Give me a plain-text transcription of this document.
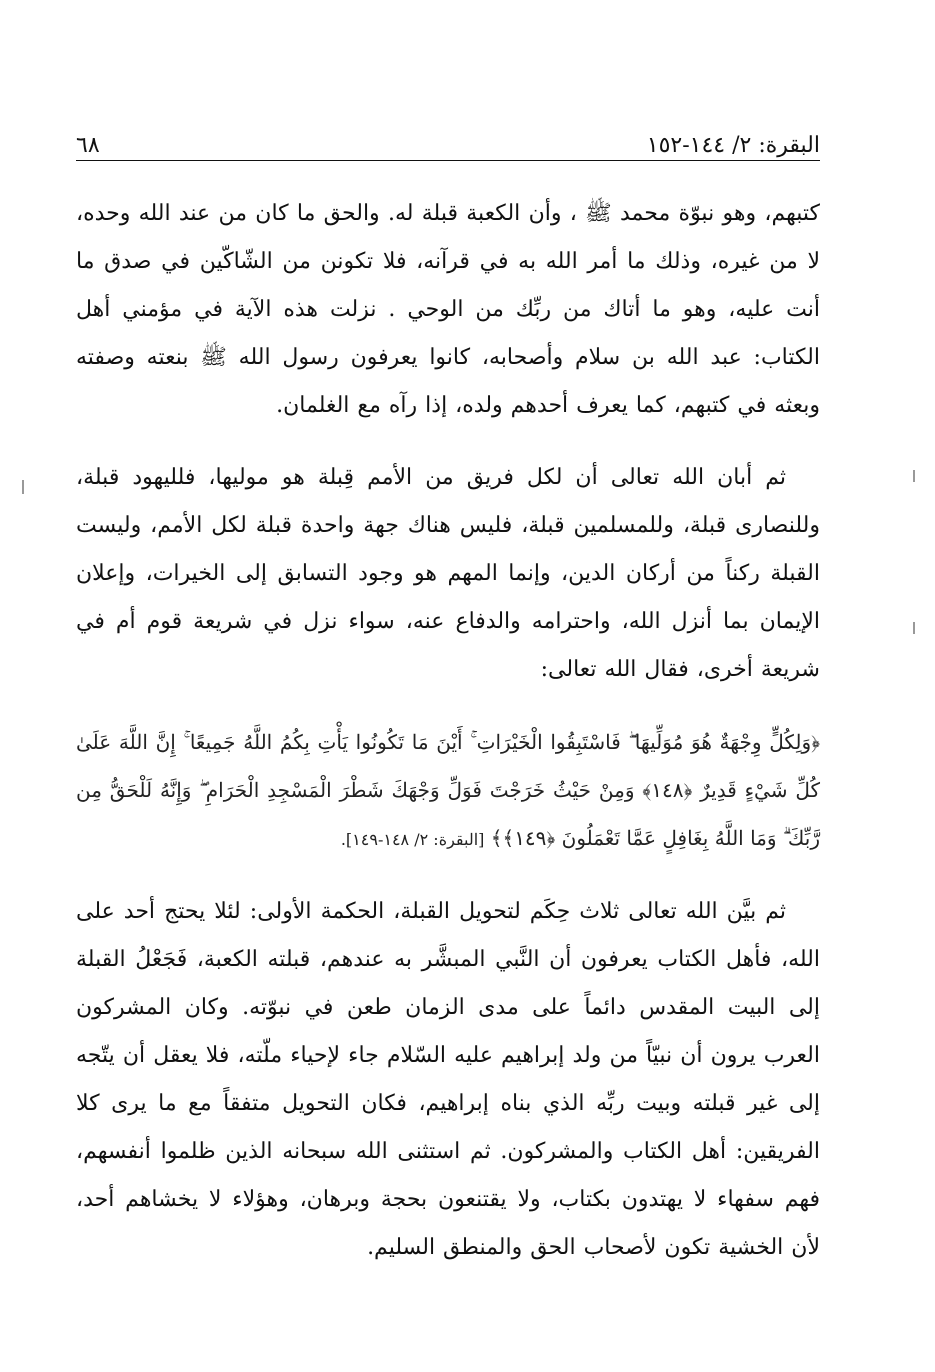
البقرة: ٢/ ١٤٤-١٥٢
٦٨

كتبهم، وهو نبوّة محمد ﷺ ، وأن الكعبة قبلة له. والحق ما كان من عند الله وحده، لا من غيره، وذلك ما أمر الله به في قرآنه، فلا تكونن من الشّاكّين في صدق ما أنت عليه، وهو ما أتاك من ربِّك من الوحي . نزلت هذه الآية في مؤمني أهل الكتاب: عبد الله بن سلام وأصحابه، كانوا يعرفون رسول الله ﷺ بنعته وصفته وبعثه في كتبهم، كما يعرف أحدهم ولده، إذا رآه مع الغلمان.

ثم أبان الله تعالى أن لكل فريق من الأمم قِبلة هو موليها، فلليهود قبلة، وللنصارى قبلة، وللمسلمين قبلة، فليس هناك جهة واحدة قبلة لكل الأمم، وليست القبلة ركناً من أركان الدين، وإنما المهم هو وجود التسابق إلى الخيرات، وإعلان الإيمان بما أنزل الله، واحترامه والدفاع عنه، سواء نزل في شريعة قوم أم في شريعة أخرى، فقال الله تعالى:

﴿وَلِكُلٍّ وِجْهَةٌ هُوَ مُوَلِّيهَا ۖ فَاسْتَبِقُوا الْخَيْرَاتِ ۚ أَيْنَ مَا تَكُونُوا يَأْتِ بِكُمُ اللَّهُ جَمِيعًا ۚ إِنَّ اللَّهَ عَلَىٰ كُلِّ شَيْءٍ قَدِيرٌ ﴿١٤٨﴾ وَمِنْ حَيْثُ خَرَجْتَ فَوَلِّ وَجْهَكَ شَطْرَ الْمَسْجِدِ الْحَرَامِ ۖ وَإِنَّهُ لَلْحَقُّ مِن رَّبِّكَ ۗ وَمَا اللَّهُ بِغَافِلٍ عَمَّا تَعْمَلُونَ ﴿١٤٩﴾﴾ [البقرة: ٢/ ١٤٨-١٤٩].

ثم بيَّن الله تعالى ثلاث حِكَم لتحويل القبلة، الحكمة الأولى: لئلا يحتج أحد على الله، فأهل الكتاب يعرفون أن النَّبي المبشَّر به عندهم، قبلته الكعبة، فَجَعْلُ القبلة إلى البيت المقدس دائماً على مدى الزمان طعن في نبوّته. وكان المشركون العرب يرون أن نبيّاً من ولد إبراهيم عليه السّلام جاء لإحياء ملّته، فلا يعقل أن يتّجه إلى غير قبلته وبيت ربِّه الذي بناه إبراهيم، فكان التحويل متفقاً مع ما يرى كلا الفريقين: أهل الكتاب والمشركون. ثم استثنى الله سبحانه الذين ظلموا أنفسهم، فهم سفهاء لا يهتدون بكتاب، ولا يقتنعون بحجة وبرهان، وهؤلاء لا يخشاهم أحد، لأن الخشية تكون لأصحاب الحق والمنطق السليم.
